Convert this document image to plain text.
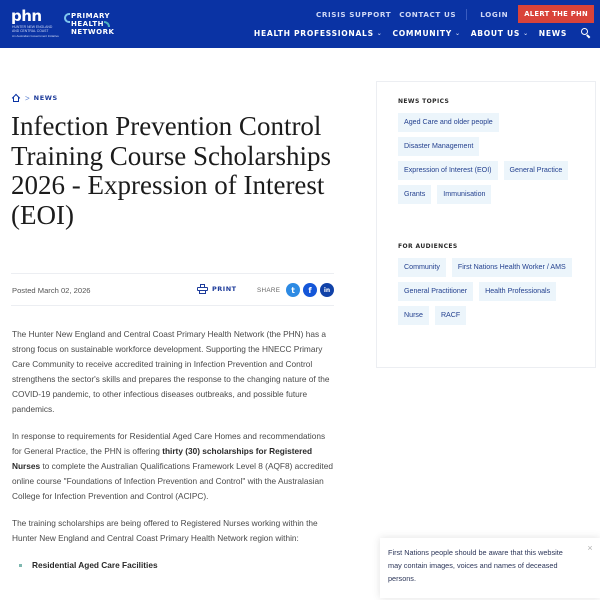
phn
HUNTER NEW ENGLAND AND CENTRAL COAST
An Australian Government Initiative
PRIMARY
HEALTH
NETWORK
CRISIS SUPPORT CONTACT US	LOGIN	ALERT THE PHN
HEALTH PROFESSIONALS ⌄ COMMUNITY ⌄ ABOUT US ⌄ NEWS
> NEWS
Infection Prevention Control Training Course Scholarships 2026 - Expression of Interest (EOI)
Posted March 02, 2026	PRINT	SHARE	t	f	in

The Hunter New England and Central Coast Primary Health Network (the PHN) has a strong focus on sustainable workforce development. Supporting the HNECC Primary Care Community to receive accredited training in Infection Prevention and Control strengthens the sector's skills and prepares the response to the changing nature of the COVID-19 pandemic, to other infectious diseases outbreaks, and possible future pandemics.

In response to requirements for Residential Aged Care Homes and recommendations for General Practice, the PHN is offering thirty (30) scholarships for Registered Nurses to complete the Australian Qualifications Framework Level 8 (AQF8) accredited online course "Foundations of Infection Prevention and Control" with the Australasian College for Infection Prevention and Control (ACIPC).

The training scholarships are being offered to Registered Nurses working within the Hunter New England and Central Coast Primary Health Network region within:

Residential Aged Care Facilities
NEWS TOPICS
Aged Care and older people
Disaster Management
Expression of Interest (EOI)	General Practice
Grants	Immunisation
FOR AUDIENCES
Community	First Nations Health Worker / AMS
General Practitioner	Health Professionals
Nurse	RACF

First Nations people should be aware that this website may contain images, voices and names of deceased persons.

×
